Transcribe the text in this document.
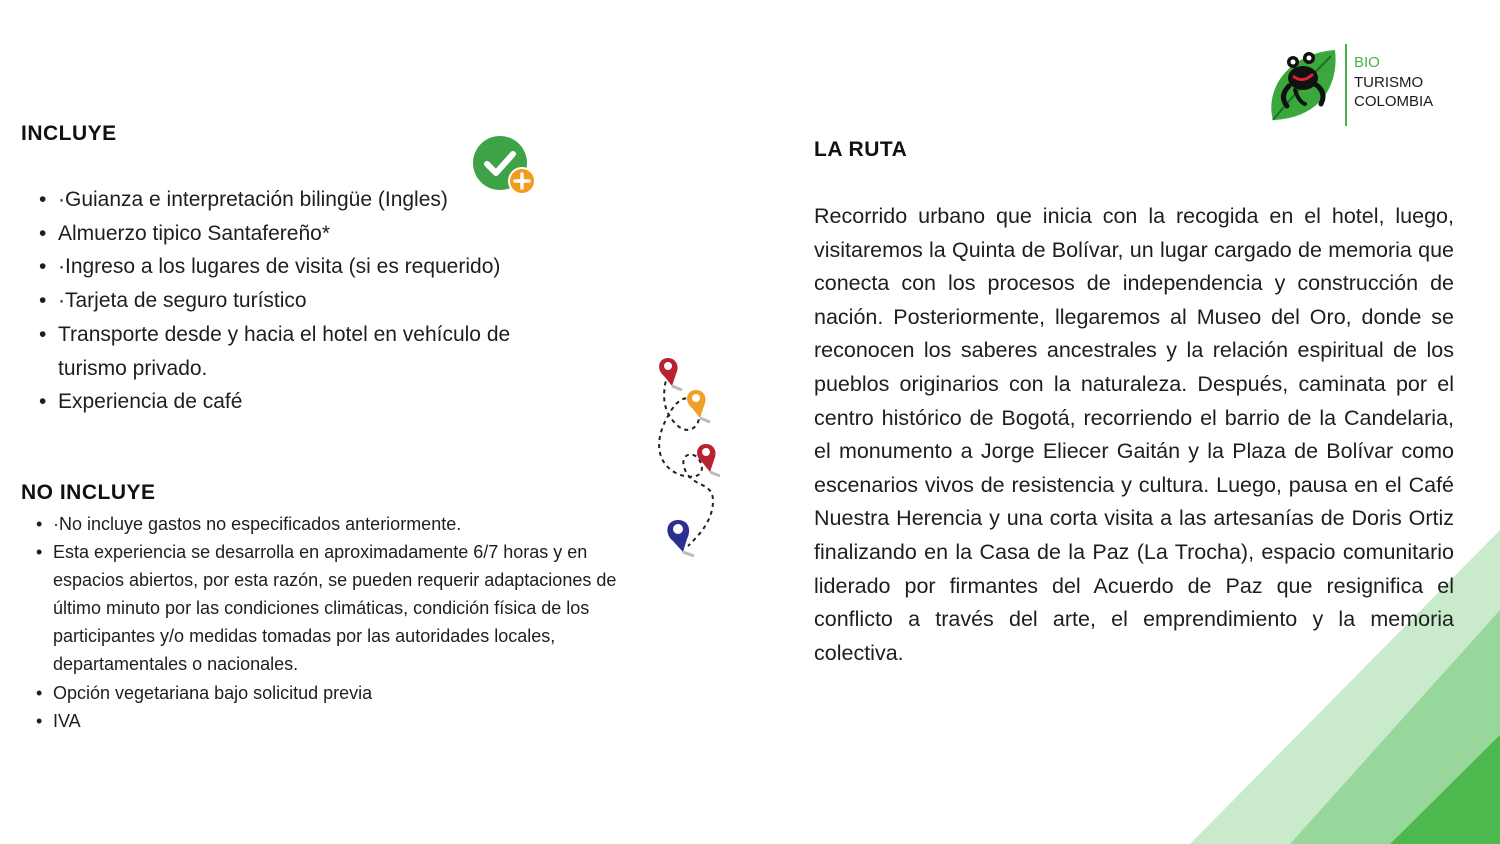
BIO
TURISMO
COLOMBIA
INCLUYE
• ·Guianza e interpretación bilingüe (Ingles)
• Almuerzo tipico Santafereño*
• ·Ingreso a los lugares de visita (si es requerido)
• ·Tarjeta de seguro turístico
• Transporte desde y hacia el hotel en vehículo de turismo privado.
• Experiencia de café
NO INCLUYE
• ·No incluye gastos no especificados anteriormente.
• Esta experiencia se desarrolla en aproximadamente 6/7 horas y en espacios abiertos, por esta razón, se pueden requerir adaptaciones de último minuto por las condiciones climáticas, condición física de los participantes y/o medidas tomadas por las autoridades locales, departamentales o nacionales.
• Opción vegetariana bajo solicitud previa
• IVA
LA RUTA

Recorrido urbano que inicia con la recogida en el hotel, luego, visitaremos la Quinta de Bolívar, un lugar cargado de memoria que conecta con los procesos de independencia y construcción de nación. Posteriormente, llegaremos al Museo del Oro, donde se reconocen los saberes ancestrales y la relación espiritual de los pueblos originarios con la naturaleza. Después, caminata por el centro histórico de Bogotá, recorriendo el barrio de la Candelaria, el monumento a Jorge Eliecer Gaitán y la Plaza de Bolívar como escenarios vivos de resistencia y cultura. Luego, pausa en el Café Nuestra Herencia y una corta visita a las artesanías de Doris Ortiz finalizando en la Casa de la Paz (La Trocha), espacio comunitario liderado por firmantes del Acuerdo de Paz que resignifica el conflicto a través del arte, el emprendimiento y la memoria colectiva.
